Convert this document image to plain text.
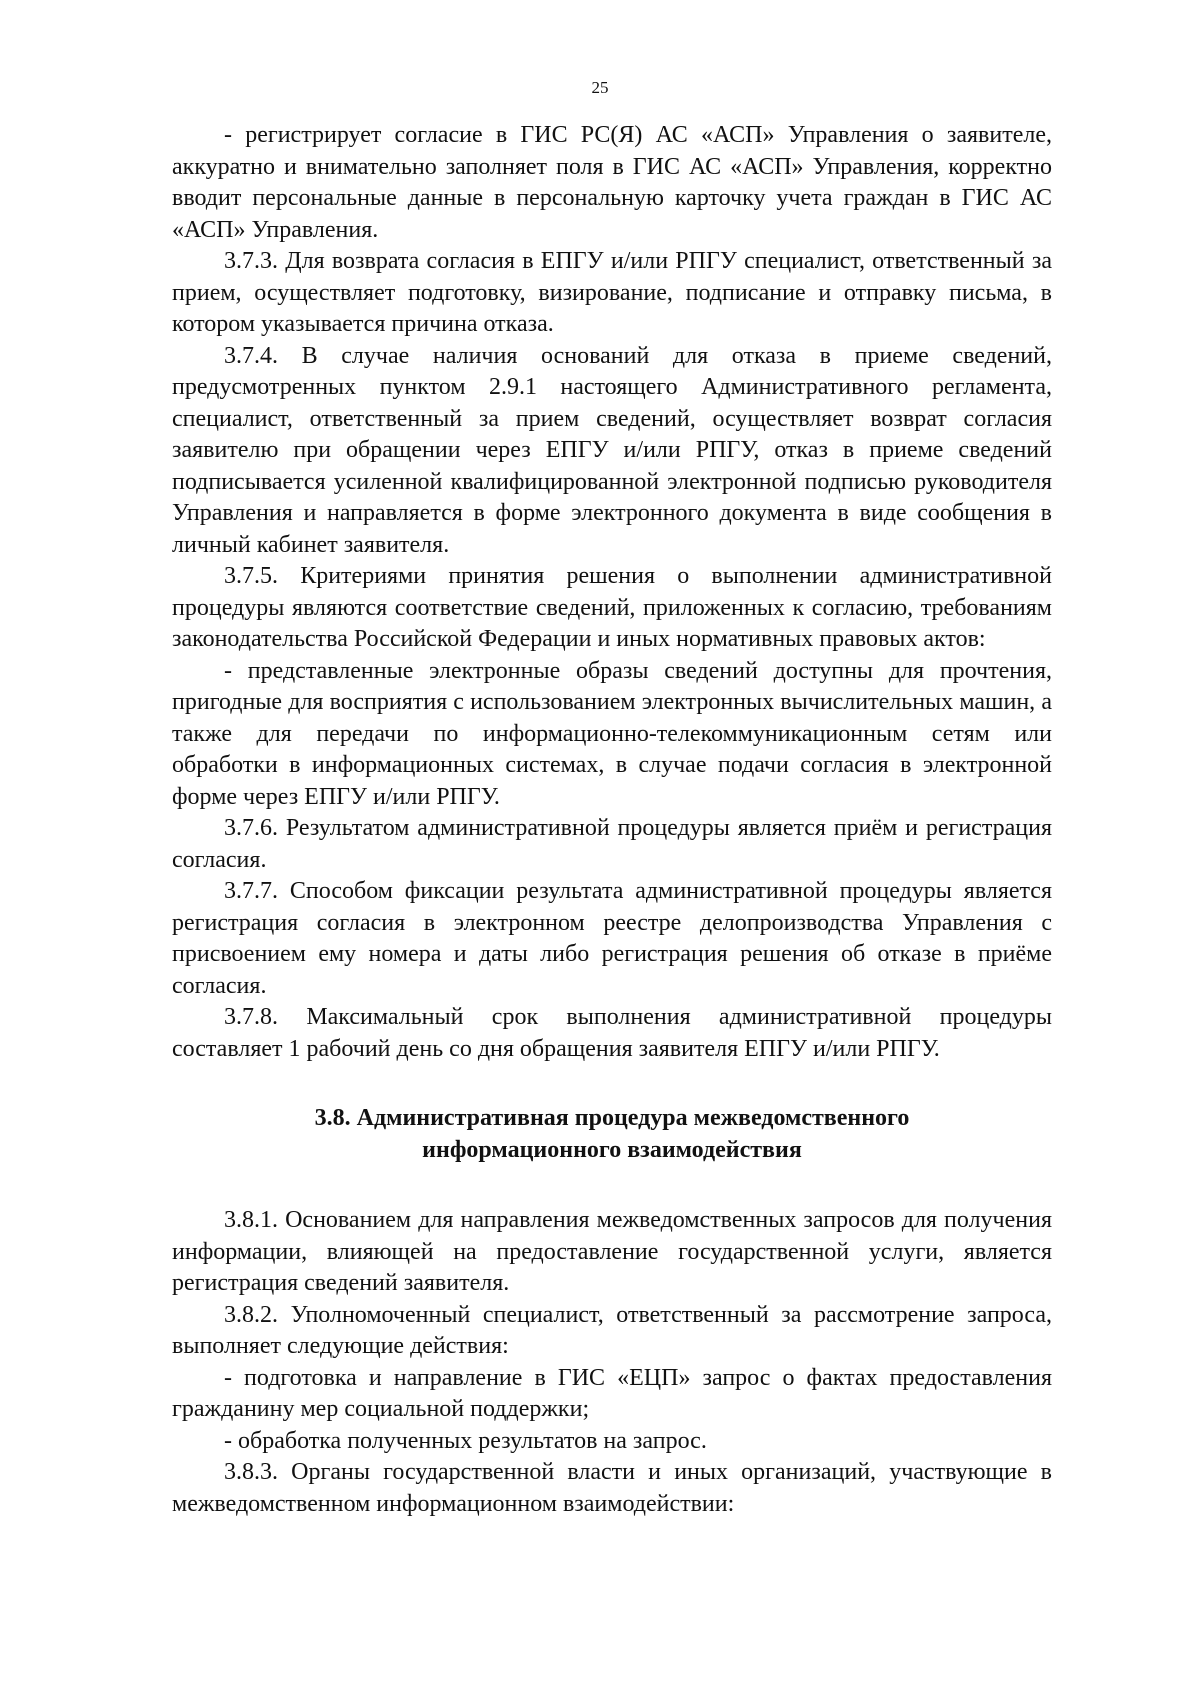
25

- регистрирует согласие в ГИС РС(Я) АС «АСП» Управления о заявителе, аккуратно и внимательно заполняет поля в ГИС АС «АСП» Управления, корректно вводит персональные данные в персональную карточку учета граждан в ГИС АС «АСП» Управления.

3.7.3. Для возврата согласия в ЕПГУ и/или РПГУ специалист, ответственный за прием, осуществляет подготовку, визирование, подписание и отправку письма, в котором указывается причина отказа.

3.7.4. В случае наличия оснований для отказа в приеме сведений, предусмотренных пунктом 2.9.1 настоящего Административного регламента, специалист, ответственный за прием сведений, осуществляет возврат согласия заявителю при обращении через ЕПГУ и/или РПГУ, отказ в приеме сведений подписывается усиленной квалифицированной электронной подписью руководителя Управления и направляется в форме электронного документа в виде сообщения в личный кабинет заявителя.

3.7.5. Критериями принятия решения о выполнении административной процедуры являются соответствие сведений, приложенных к согласию, требованиям законодательства Российской Федерации и иных нормативных правовых актов:

- представленные электронные образы сведений доступны для прочтения, пригодные для восприятия с использованием электронных вычислительных машин, а также для передачи по информационно-телекоммуникационным сетям или обработки в информационных системах, в случае подачи согласия в электронной форме через ЕПГУ и/или РПГУ.

3.7.6. Результатом административной процедуры является приём и регистрация согласия.

3.7.7. Способом фиксации результата административной процедуры является регистрация согласия в электронном реестре делопроизводства Управления с присвоением ему номера и даты либо регистрация решения об отказе в приёме согласия.

3.7.8. Максимальный срок выполнения административной процедуры составляет 1 рабочий день со дня обращения заявителя ЕПГУ и/или РПГУ.

3.8. Административная процедура межведомственного
информационного взаимодействия

3.8.1. Основанием для направления межведомственных запросов для получения информации, влияющей на предоставление государственной услуги, является регистрация сведений заявителя.

3.8.2. Уполномоченный специалист, ответственный за рассмотрение запроса, выполняет следующие действия:

- подготовка и направление в ГИС «ЕЦП» запрос о фактах предоставления гражданину мер социальной поддержки;

- обработка полученных результатов на запрос.

3.8.3. Органы государственной власти и иных организаций, участвующие в межведомственном информационном взаимодействии:
